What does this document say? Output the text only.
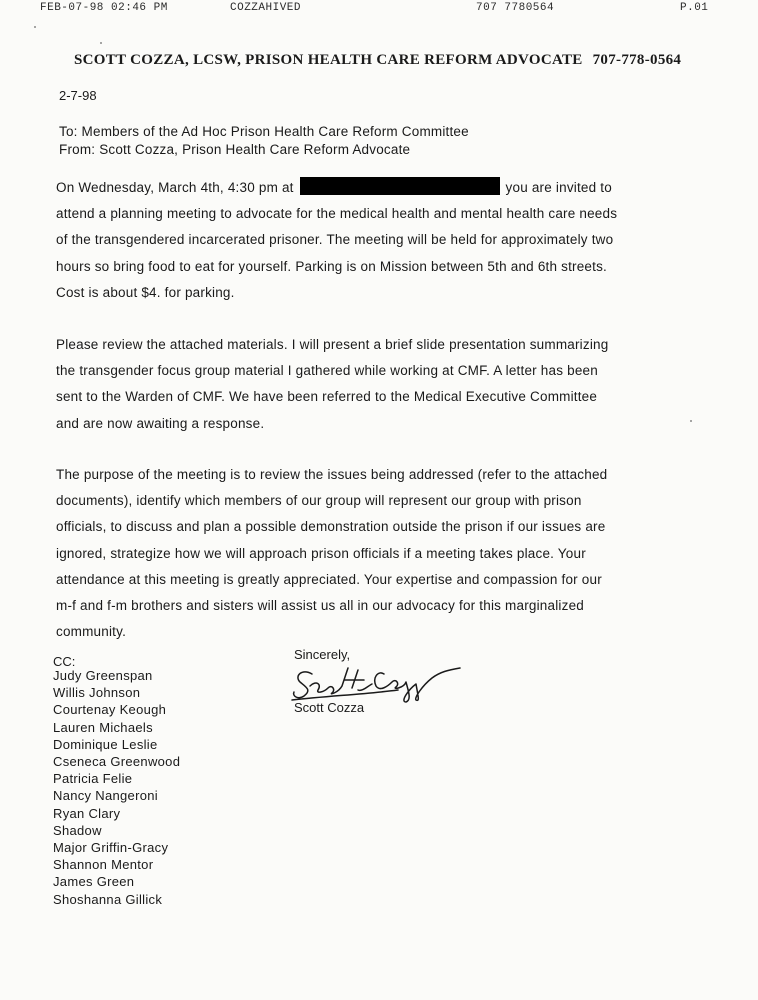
FEB-07-98 02:46 PM	COZZAHIVED	707 7780564	P.01
SCOTT COZZA, LCSW, PRISON HEALTH CARE REFORM ADVOCATE 707-778-0564
2-7-98
To: Members of the Ad Hoc Prison Health Care Reform Committee
From: Scott Cozza, Prison Health Care Reform Advocate
On Wednesday, March 4th, 4:30 pm at	you are invited to
attend a planning meeting to advocate for the medical health and mental health care needs
of the transgendered incarcerated prisoner. The meeting will be held for approximately two
hours so bring food to eat for yourself. Parking is on Mission between 5th and 6th streets.
Cost is about $4. for parking.
Please review the attached materials. I will present a brief slide presentation summarizing
the transgender focus group material I gathered while working at CMF. A letter has been
sent to the Warden of CMF. We have been referred to the Medical Executive Committee
and are now awaiting a response.
The purpose of the meeting is to review the issues being addressed (refer to the attached
documents), identify which members of our group will represent our group with prison
officials, to discuss and plan a possible demonstration outside the prison if our issues are
ignored, strategize how we will approach prison officials if a meeting takes place. Your
attendance at this meeting is greatly appreciated. Your expertise and compassion for our
m-f and f-m brothers and sisters will assist us all in our advocacy for this marginalized
community.
CC:
Judy Greenspan
Willis Johnson
Courtenay Keough
Lauren Michaels
Dominique Leslie
Cseneca Greenwood
Patricia Felie
Nancy Nangeroni
Ryan Clary
Shadow
Major Griffin-Gracy
Shannon Mentor
James Green
Shoshanna Gillick
Sincerely,
Scott Cozza
